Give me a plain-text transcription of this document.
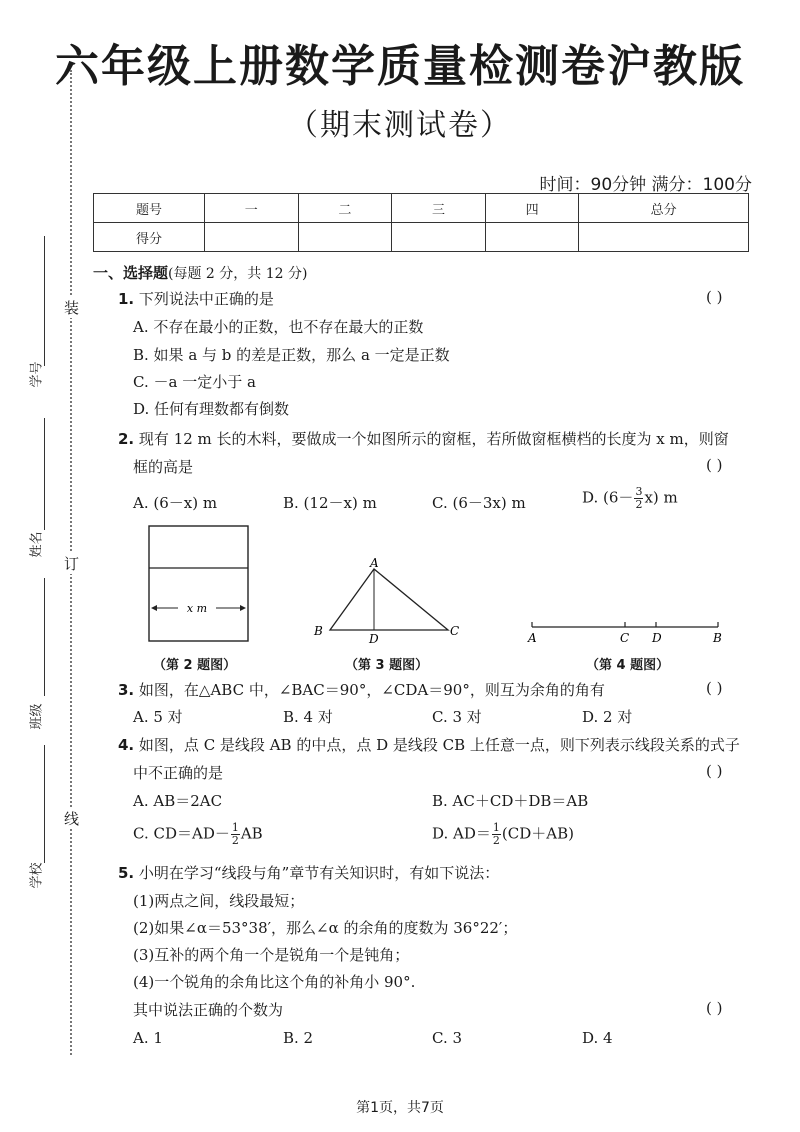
六年级上册数学质量检测卷沪教版
（期末测试卷）
时间：90分钟 满分：100分
题号	一	二	三	四	总分
得分					
装
订
线
学号
姓名
班级
学校
一、选择题(每题 2 分，共 12 分)
1. 下列说法中正确的是	( )
A. 不存在最小的正数，也不存在最大的正数
B. 如果 a 与 b 的差是正数，那么 a 一定是正数
C. －a 一定小于 a
D. 任何有理数都有倒数
2. 现有 12 m 长的木料，要做成一个如图所示的窗框，若所做窗框横档的长度为 x m，则窗
框的高是	( )
A. (6－x) m	B. (12－x) m	C. (6－3x) m	D. $(6- \frac{3}{2} x)$ m
x m
（第 2 题图）
A
B
D
C
（第 3 题图）
A	C D	B
（第 4 题图）
3. 如图，在△ABC 中，∠BAC＝90°，∠CDA＝90°，则互为余角的角有	( )
A. 5 对	B. 4 对	C. 3 对	D. 2 对
4. 如图，点 C 是线段 AB 的中点，点 D 是线段 CB 上任意一点，则下列表示线段关系的式子
中不正确的是	( )
A. AB＝2AC	B. AC＋CD＋DB＝AB
C. $CD=AD- \frac{1}{2}$ AB	D. $AD= \frac{1}{2} (CD+AB)$
5. 小明在学习“线段与角”章节有关知识时，有如下说法：
(1)两点之间，线段最短；
(2)如果∠α＝53°38′，那么∠α 的余角的度数为 36°22′；
(3)互补的两个角一个是锐角一个是钝角；
(4)一个锐角的余角比这个角的补角小 90°.
其中说法正确的个数为	( )
A. 1	B. 2	C. 3	D. 4
第1页，共7页
